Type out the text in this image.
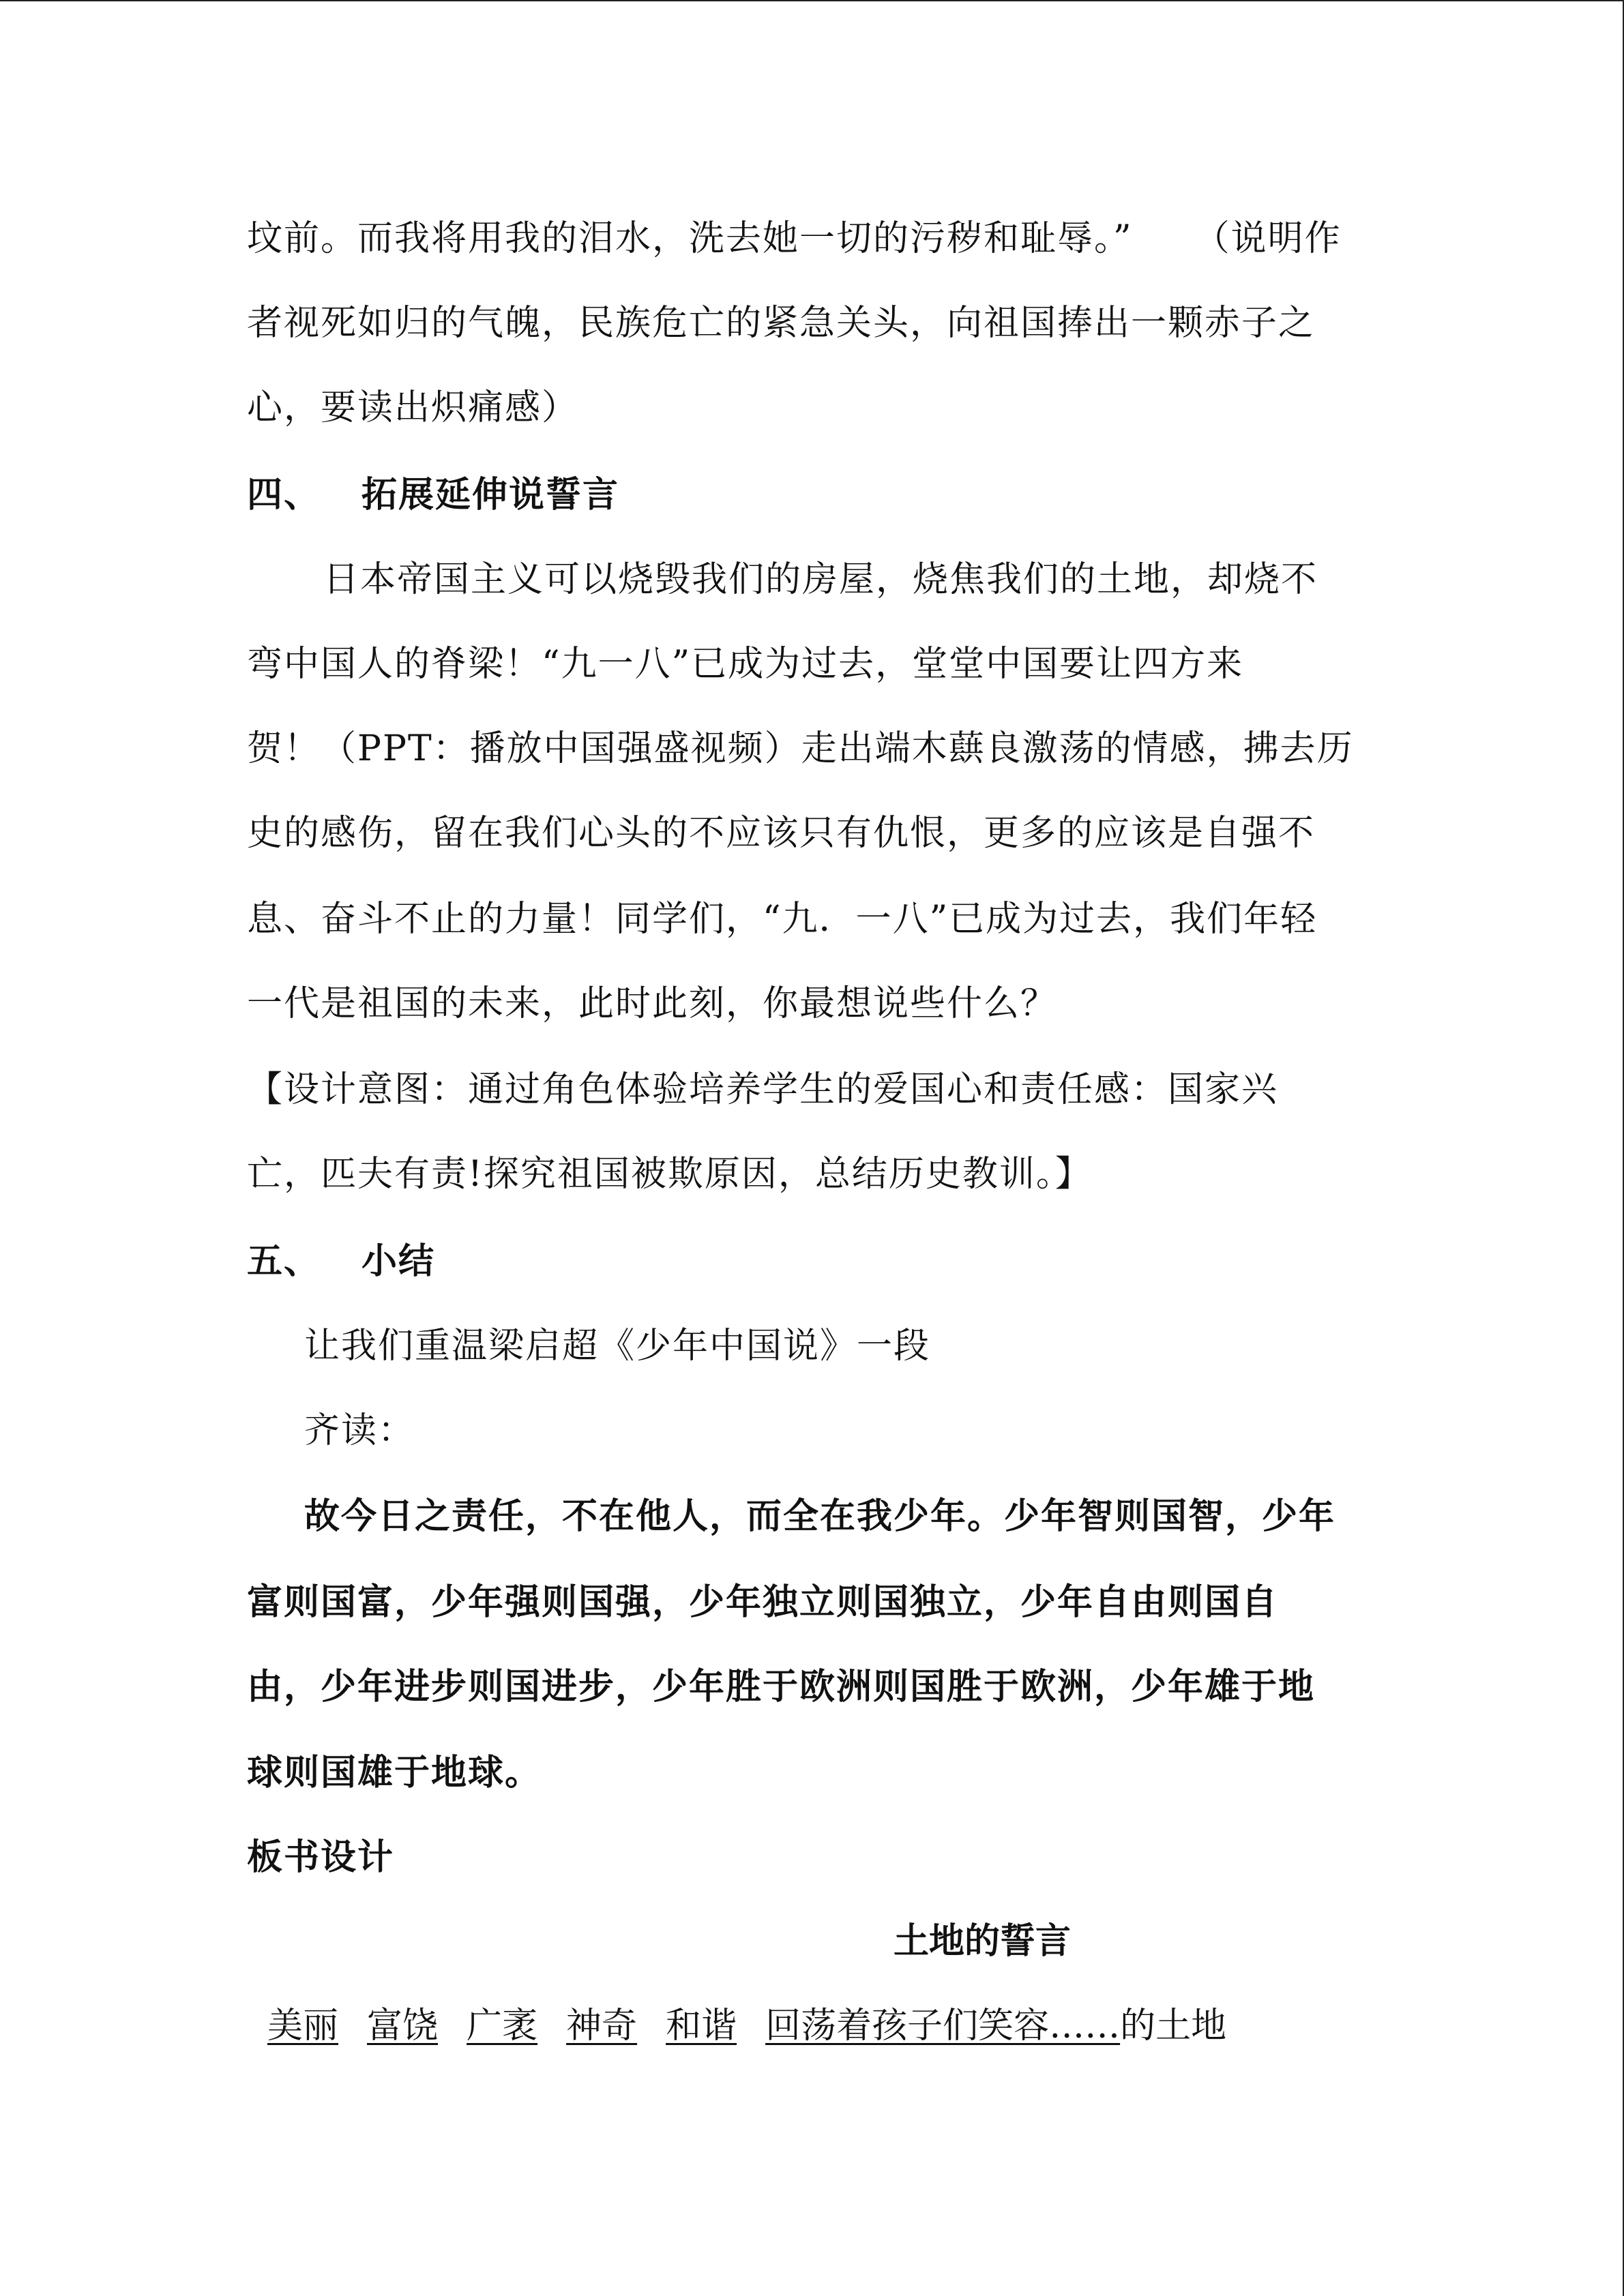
坟前。而我将用我的泪水，洗去她一切的污秽和耻辱。” （说明作
者视死如归的气魄，民族危亡的紧急关头，向祖国捧出一颗赤子之
心，要读出炽痛感）
四、 拓展延伸说誓言
日本帝国主义可以烧毁我们的房屋，烧焦我们的土地，却烧不
弯中国人的脊梁！“九一八”已成为过去，堂堂中国要让四方来
贺！（PPT：播放中国强盛视频）走出端木蕻良激荡的情感，拂去历
史的感伤，留在我们心头的不应该只有仇恨，更多的应该是自强不
息、奋斗不止的力量！同学们，“九．一八”已成为过去，我们年轻
一代是祖国的未来，此时此刻，你最想说些什么？
【设计意图：通过角色体验培养学生的爱国心和责任感：国家兴
亡，匹夫有责!探究祖国被欺原因，总结历史教训。】
五、 小结
让我们重温梁启超《少年中国说》一段
齐读：
故今日之责任，不在他人，而全在我少年。少年智则国智，少年
富则国富，少年强则国强，少年独立则国独立，少年自由则国自
由，少年进步则国进步，少年胜于欧洲则国胜于欧洲，少年雄于地
球则国雄于地球。
板书设计
土地的誓言
美丽 富饶 广袤 神奇 和谐 回荡着孩子们笑容……的土地
